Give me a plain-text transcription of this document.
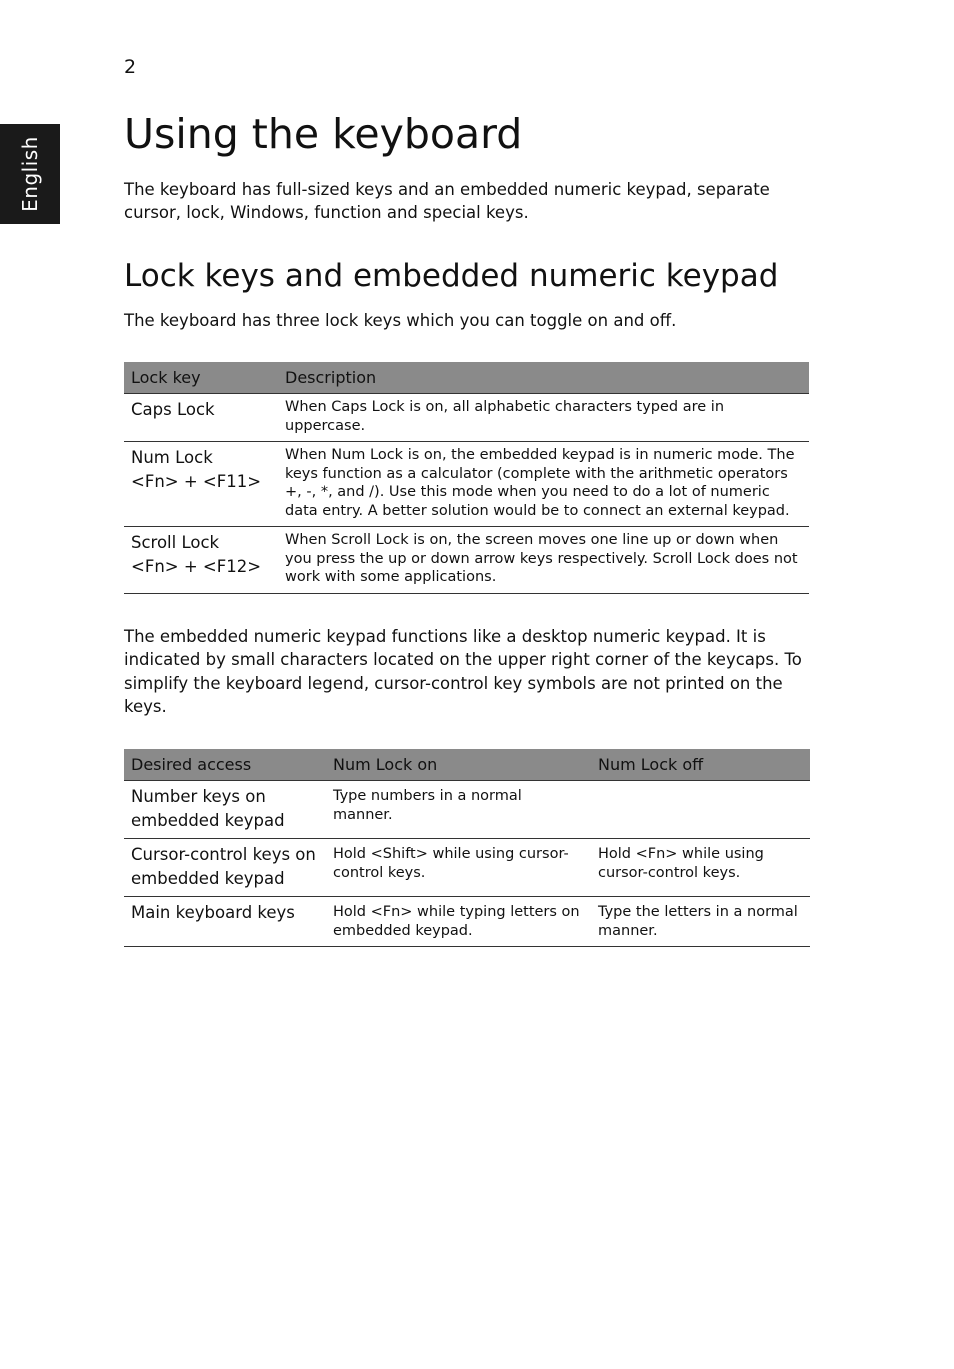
2
English
Using the keyboard

The keyboard has full-sized keys and an embedded numeric keypad, separate cursor, lock, Windows, function and special keys.

Lock keys and embedded numeric keypad

The keyboard has three lock keys which you can toggle on and off.

Lock key	Description

Caps Lock	When Caps Lock is on, all alphabetic characters typed are in uppercase.

Num Lock
<Fn> + <F11>	When Num Lock is on, the embedded keypad is in numeric mode. The keys function as a calculator (complete with the arithmetic operators +, -, *, and /). Use this mode when you need to do a lot of numeric data entry. A better solution would be to connect an external keypad.

Scroll Lock
<Fn> + <F12>	When Scroll Lock is on, the screen moves one line up or down when you press the up or down arrow keys respectively. Scroll Lock does not work with some applications.

The embedded numeric keypad functions like a desktop numeric keypad. It is indicated by small characters located on the upper right corner of the keycaps. To simplify the keyboard legend, cursor-control key symbols are not printed on the keys.

Desired access	Num Lock on	Num Lock off
Number keys on embedded keypad	Type numbers in a normal manner.	
Cursor-control keys on embedded keypad	Hold <Shift> while using cursor-control keys.	Hold <Fn> while using cursor-control keys.
Main keyboard keys	Hold <Fn> while typing letters on embedded keypad.	Type the letters in a normal manner.
